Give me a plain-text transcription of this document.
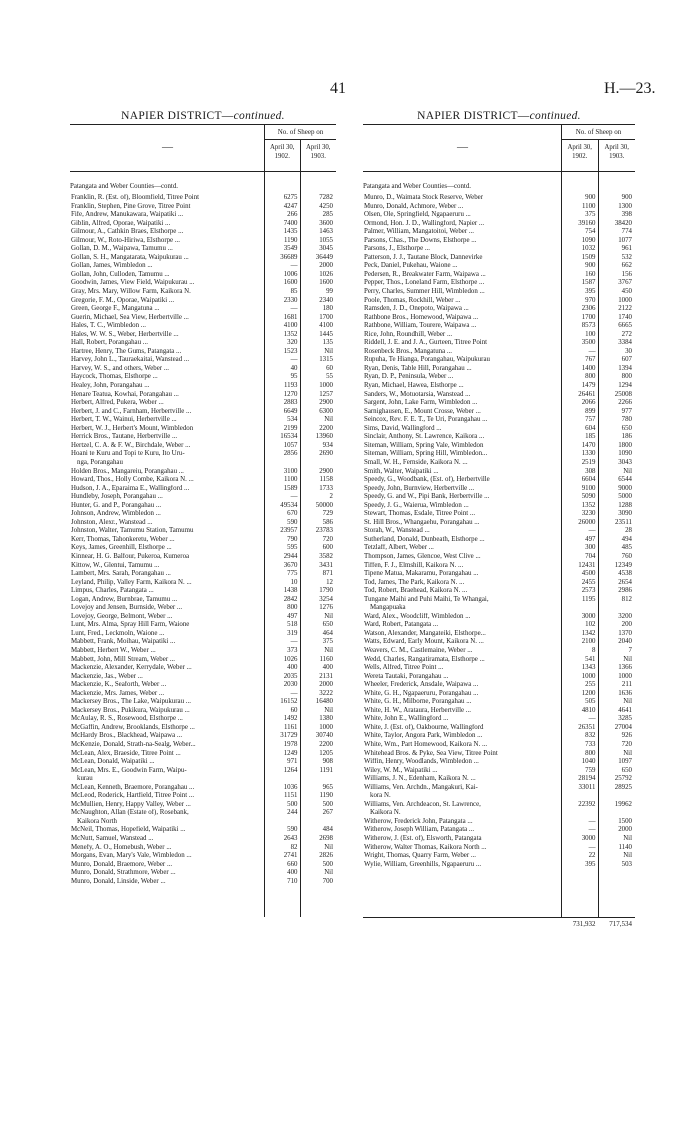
41	H.—23.
NAPIER DISTRICT—continued.
—
No. of Sheep on
April 30,
1902.
April 30,
1903.
Patangata and Weber Counties—contd.
Franklin, R. (Est. of), Bloomfield, Titree Point	6275	7282
Franklin, Stephen, Pine Grove, Titree Point	4247	4250
Fife, Andrew, Manukawara, Waipatiki ...	266	285
Giblin, Alfred, Oporae, Waipatiki ...	7400	3600
Gilmour, A., Cathkin Braes, Elsthorpe ...	1435	1463
Gilmour, W., Roto-Hiriwa, Elsthorpe ...	1190	1055
Gollan, D. M., Waipawa, Tamumu ...	3549	3045
Gollan, S. H., Mangatarata, Waipukurau ...	36689	36449
Gollan, James, Wimbledon ...	—	2000
Gollan, John, Culloden, Tamumu ...	1006	1026
Goodwin, James, View Field, Waipukurau ...	1600	1600
Gray, Mrs. Mary, Willow Farm, Kaikora N.	85	99
Gregorie, F. M., Oporae, Waipatiki ...	2330	2340
Green, George F., Mangatuna ...	—	180
Guerin, Michael, Sea View, Herbertville ...	1681	1700
Hales, T. C., Wimbledon ...	4100	4100
Hales, W. W. S., Weber, Herbertville ...	1352	1445
Hall, Robert, Porangahau ...	320	135
Hartree, Henry, The Gums, Patangata ...	1523	Nil
Harvey, John L., Tauraekaitai, Wanstead ...	—	1315
Harvey, W. S., and others, Weber ...	40	60
Haycock, Thomas, Elsthorpe ...	95	55
Healey, John, Porangahau ...	1193	1000
Henare Teatua, Kowhai, Porangahau ...	1270	1257
Herbert, Alfred, Pukera, Weber ...	2883	2900
Herbert, J. and C., Farnham, Herbertville ...	6649	6300
Herbert, T. W., Wainui, Herbertville ...	534	Nil
Herbert, W. J., Herbert's Mount, Wimbledon	2199	2200
Herrick Bros., Tautane, Herbertville ...	16534	13960
Hertzel, C. A. & F. W., Birchdale, Weber ...	1057	934
Hoani te Kuru and Topi te Kuru, Ito Uru-	2856	2690
nga, Porangahau
Holden Bros., Mangareiu, Porangahau ...	3100	2900
Howard, Thos., Holly Combe, Kaikora N. ...	1100	1158
Hudson, J. A., Eparaima E., Wallingford ...	1589	1733
Hundleby, Joseph, Porangahau ...	—	2
Hunter, G. and P., Porangahau ...	49534	50000
Johnson, Andrew, Wimbledon ...	670	729
Johnston, Alexr., Wanstead ...	590	586
Johnston, Walter, Tamumu Station, Tamumu	23957	23783
Kerr, Thomas, Tahonkeretu, Weber ...	790	720
Keys, James, Greenhill, Elsthorpe ...	595	600
Kinnear, H. G. Balfour, Pukeroa, Kumeroa	2944	3582
Kittow, W., Glentui, Tamumu ...	3670	3431
Lambert, Mrs. Sarah, Porangahau ...	775	871
Leyland, Philip, Valley Farm, Kaikora N. ...	10	12
Limpus, Charles, Patangata ...	1438	1790
Logan, Andrew, Burnbrae, Tamumu ...	2842	3254
Lovejoy and Jensen, Burnside, Weber ...	800	1276
Lovejoy, George, Belmont, Weber ...	497	Nil
Lunt, Mrs. Alma, Spray Hill Farm, Waione	518	650
Lunt, Fred., Leckmoln, Waione ...	319	464
Mabbett, Frank, Moihau, Waipatiki ...	—	375
Mabbett, Herbert W., Weber ...	373	Nil
Mabbett, John, Mill Stream, Weber ...	1026	1160
Mackenzie, Alexander, Kerrydale, Weber ...	400	400
Mackenzie, Jas., Weber ...	2035	2131
Mackenzie, K., Seaforth, Weber ...	2030	2000
Mackenzie, Mrs. James, Weber ...	—	3222
Mackersey Bros., The Lake, Waipukurau ...	16152	16480
Mackersey Bros., Pukikura, Waipukurau ...	60	Nil
McAulay, R. S., Rosewood, Elsthorpe ...	1492	1380
McGaffin, Andrew, Brooklands, Elsthorpe ...	1161	1000
McHardy Bros., Blackhead, Waipawa ...	31729	30740
McKenzie, Donald, Strath-na-Sealg, Weber...	1978	2200
McLean, Alex, Braeside, Titree Point ...	1249	1205
McLean, Donald, Waipatiki ...	971	908
McLean, Mrs. E., Goodwin Farm, Waipu-	1264	1191
kurau
McLean, Kenneth, Braemore, Porangahau ...	1036	965
McLeod, Roderick, Hartfield, Titree Point ...	1151	1190
McMullien, Henry, Happy Valley, Weber ...	500	500
McNaughton, Allan (Estate of), Rosebank,	244	267
Kaikora North
McNeil, Thomas, Hopefield, Waipatiki ...	590	484
McNutt, Samuel, Wanstead ...	2643	2698
Menefy, A. O., Homebush, Weber ...	82	Nil
Morgans, Evan, Mary's Vale, Wimbledon ...	2741	2826
Munro, Donald, Braemore, Weber ...	660	500
Munro, Donald, Strathmore, Weber ...	400	Nil
Munro, Donald, Linside, Weber ...	710	700
NAPIER DISTRICT—continued.
—
No. of Sheep on
April 30,
1902.
April 30,
1903.
Patangata and Weber Counties—contd.
Munro, D., Waimata Stock Reserve, Weber	900	900
Munro, Donald, Achmore, Weber ...	1100	1300
Olsen, Ole, Springfield, Ngapaeruru ...	375	398
Ormond, Hon. J. D., Wallingford, Napier ...	39160	38420
Palmer, William, Mangatoitoi, Weber ...	754	774
Parsons, Chas., The Downs, Elsthorpe ...	1090	1077
Parsons, J., Elsthorpe ...	1032	961
Patterson, J. J., Tautane Block, Dannevirke	1509	532
Peck, Daniel, Pukehau, Waione ...	900	662
Pedersen, R., Breakwater Farm, Waipawa ...	160	156
Pepper, Thos., Loneland Farm, Elsthorpe ...	1587	3767
Perry, Charles, Summer Hill, Wimbledon ...	395	450
Poole, Thomas, Rockhill, Weber ...	970	1000
Ramsden, J. D., Onepoto, Waipawa ...	2306	2122
Rathbone Bros., Homewood, Waipawa ...	1700	1740
Rathbone, William, Tourere, Waipawa ...	8573	6665
Rice, John, Roundhill, Weber ...	100	272
Riddell, J. E. and J. A., Gurteen, Titree Point	3500	3384
Rosenbeck Bros., Mangatuna ...	—	30
Rupuha, Te Hianga, Porangahau, Waipukurau	767	607
Ryan, Denis, Table Hill, Porangahau ...	1400	1394
Ryan, D. P., Peninsula, Weber ...	800	800
Ryan, Michael, Hawea, Elsthorpe ...	1479	1294
Sanders, W., Motuotarsia, Wanstead ...	26461	25008
Sargent, John, Lake Farm, Wimbledon ...	2066	2266
Sarnighausen, E., Mount Crosse, Weber ...	899	977
Seincox, Rev. F. E. T., Te Uri, Porangahau ...	757	780
Sims, David, Wallingford ...	604	650
Sinclair, Anthony, St. Lawrence, Kaikora ...	185	186
Siteman, William, Spring Vale, Wimbledon	1470	1800
Siteman, William, Spring Hill, Wimbledon...	1330	1090
Small, W. H., Fernside, Kaikora N. ...	2519	3043
Smith, Walter, Waipatiki ...	308	Nil
Speedy, G., Woodbank, (Est. of), Herbertville	6604	6544
Speedy, John, Burnview, Herbertville ...	9100	9000
Speedy, G. and W., Pipi Bank, Herbertville ...	5090	5000
Speedy, J. G., Waierua, Wimbledon ...	1352	1288
Stewart, Thomas, Esdale, Titree Point ...	3230	3090
St. Hill Bros., Whangaehu, Porangahau ...	26000	23511
Storah, W., Wanstead ...	—	28
Sutherland, Donald, Dunbeath, Elsthorpe ...	497	494
Tetzlaff, Albert, Weber ...	300	485
Thompson, James, Glencoe, West Clive ...	704	760
Tiffen, F. J., Elmshill, Kaikora N. ...	12431	12349
Tipene Matua, Makaramu, Porangahau ...	4500	4538
Tod, James, The Park, Kaikora N. ...	2455	2654
Tod, Robert, Braehead, Kaikora N. ...	2573	2986
Tungane Maihi and Puhi Maihi, Te Whangai,	1195	812
Mangapuaka
Ward, Alex., Woodcliff, Wimbledon ...	3000	3200
Ward, Robert, Patangata ...	102	200
Watson, Alexander, Mangateiki, Elsthorpe...	1342	1370
Watts, Edward, Early Mount, Kaikora N. ...	2100	2040
Weavers, C. M., Castlemaine, Weber ...	8	7
Wedd, Charles, Rangatiramata, Elsthorpe ...	541	Nil
Wells, Alfred, Titree Point ...	1343	1366
Wereta Tautaki, Porangahau ...	1000	1000
Wheeler, Frederick, Ansdale, Waipawa ...	255	211
White, G. H., Ngapaeruru, Porangahau ...	1200	1636
White, G. H., Milborne, Porangahau ...	505	Nil
White, H. W., Arataura, Herbertville ...	4810	4641
White, John E., Wallingford ...	—	3285
White, J. (Est. of), Oakbourne, Wallingford	26351	27004
White, Taylor, Angora Park, Wimbledon ...	832	926
White, Wm., Part Homewood, Kaikora N. ...	733	720
Whitehead Bros. & Pyke, Sea View, Titree Point	800	Nil
Wiffin, Henry, Woodlands, Wimbledon ...	1040	1097
Wiley, W. M., Waipatiki ...	759	650
Williams, J. N., Edenham, Kaikora N. ...	28194	25792
Williams, Ven. Archdn., Mangakuri, Kai-	33011	28925
kora N.
Williams, Ven. Archdeacon, St. Lawrence,	22392	19962
Kaikora N.
Witherow, Frederick John, Patangata ...	—	1500
Witherow, Joseph William, Patangata ...	—	2000
Witherow, J. (Est. of), Elsworth, Patangata	3000	Nil
Witherow, Walter Thomas, Kaikora North ...	—	1140
Wright, Thomas, Quarry Farm, Weber ...	22	Nil
Wylie, William, Greenhills, Ngapaeruru ...	395	503
731,932	717,534
